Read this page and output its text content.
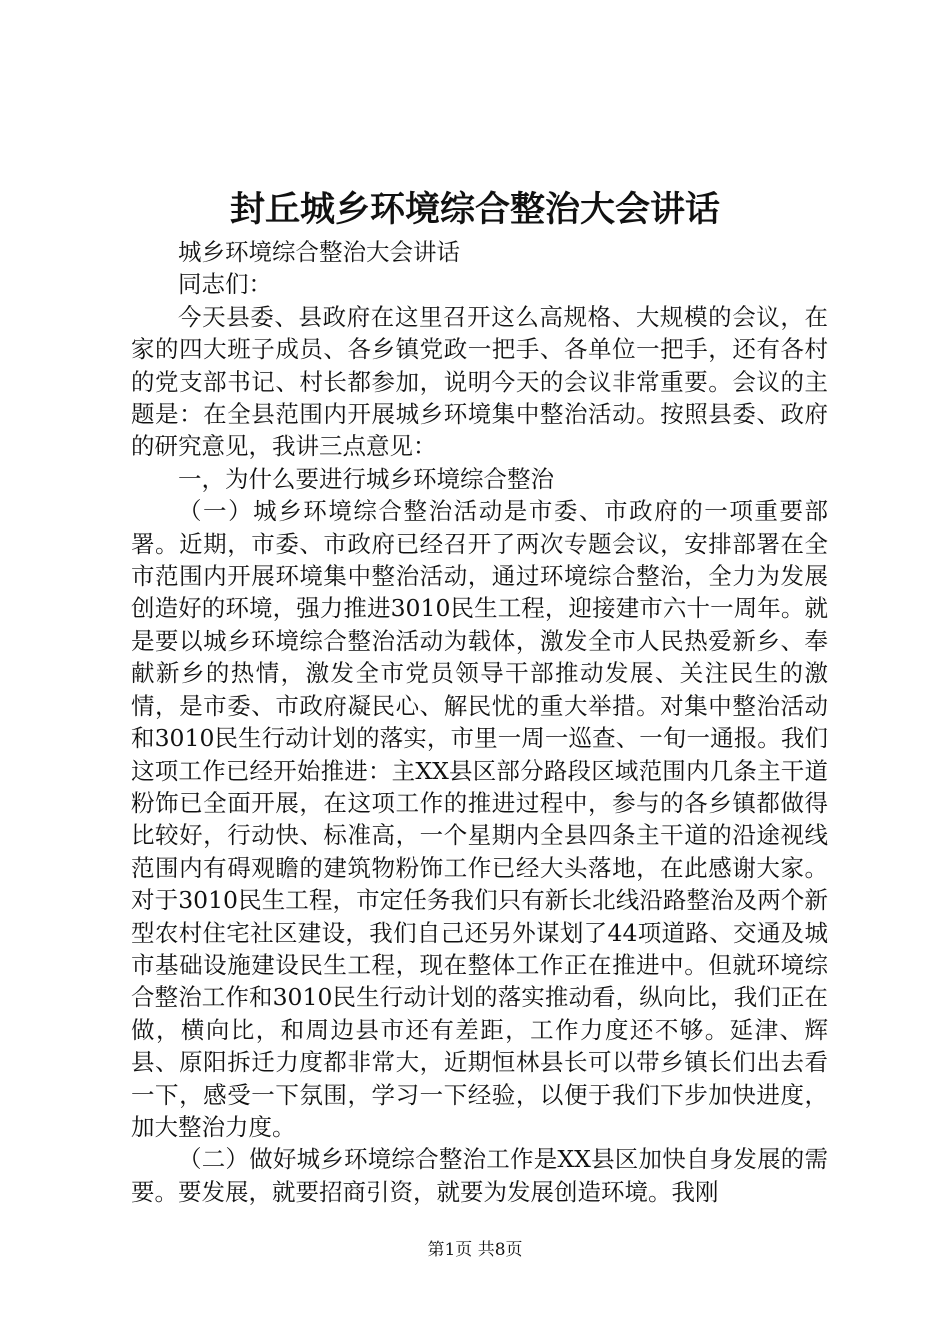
封丘城乡环境综合整治大会讲话

城乡环境综合整治大会讲话

同志们：

今天县委、县政府在这里召开这么高规格、大规模的会议，在家的四大班子成员、各乡镇党政一把手、各单位一把手，还有各村的党支部书记、村长都参加，说明今天的会议非常重要。会议的主题是：在全县范围内开展城乡环境集中整治活动。按照县委、政府的研究意见，我讲三点意见：

一，为什么要进行城乡环境综合整治

（一）城乡环境综合整治活动是市委、市政府的一项重要部署。近期，市委、市政府已经召开了两次专题会议，安排部署在全市范围内开展环境集中整治活动，通过环境综合整治，全力为发展创造好的环境，强力推进3010民生工程，迎接建市六十一周年。就是要以城乡环境综合整治活动为载体，激发全市人民热爱新乡、奉献新乡的热情，激发全市党员领导干部推动发展、关注民生的激情，是市委、市政府凝民心、解民忧的重大举措。对集中整治活动和3010民生行动计划的落实，市里一周一巡查、一旬一通报。我们这项工作已经开始推进：主XX县区部分路段区域范围内几条主干道粉饰已全面开展，在这项工作的推进过程中，参与的各乡镇都做得比较好，行动快、标准高，一个星期内全县四条主干道的沿途视线范围内有碍观瞻的建筑物粉饰工作已经大头落地，在此感谢大家。对于3010民生工程，市定任务我们只有新长北线沿路整治及两个新型农村住宅社区建设，我们自己还另外谋划了44项道路、交通及城市基础设施建设民生工程，现在整体工作正在推进中。但就环境综合整治工作和3010民生行动计划的落实推动看，纵向比，我们正在做，横向比，和周边县市还有差距，工作力度还不够。延津、辉县、原阳拆迁力度都非常大，近期恒林县长可以带乡镇长们出去看一下，感受一下氛围，学习一下经验，以便于我们下步加快进度，加大整治力度。

（二）做好城乡环境综合整治工作是XX县区加快自身发展的需要。要发展，就要招商引资，就要为发展创造环境。我刚

第1页 共8页
